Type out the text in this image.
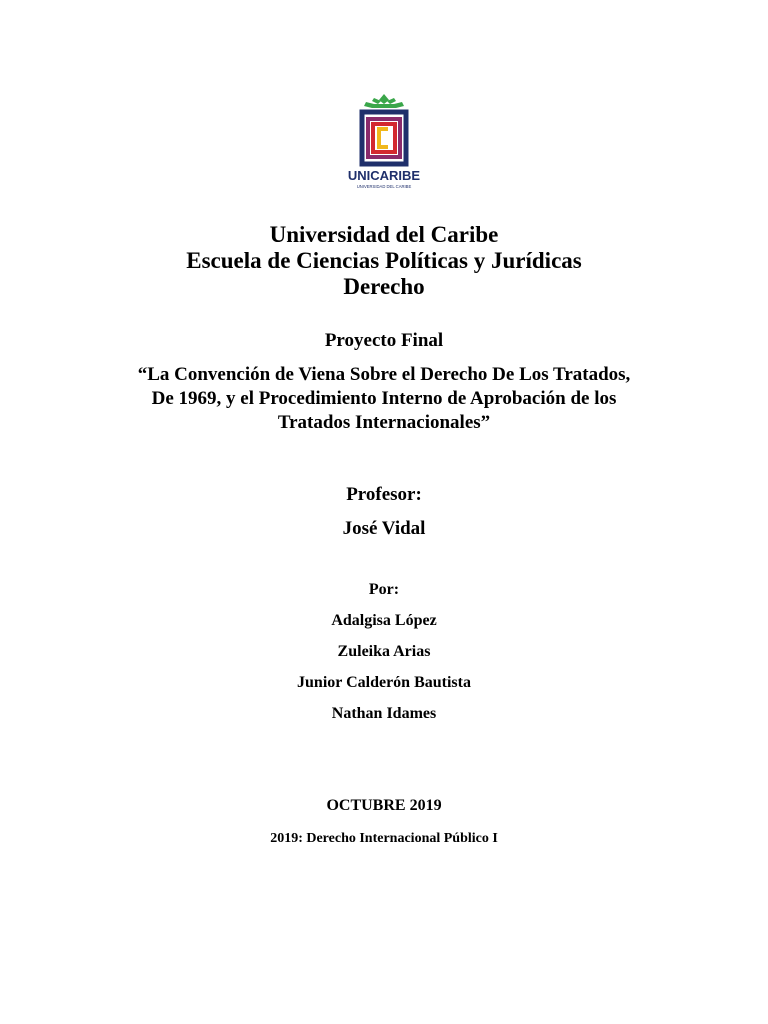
UNICARIBE
UNIVERSIDAD DEL CARIBE
Universidad del Caribe
Escuela de Ciencias Políticas y Jurídicas
Derecho
Proyecto Final
“La Convención de Viena Sobre el Derecho De Los Tratados,
De 1969, y el Procedimiento Interno de Aprobación de los
Tratados Internacionales”
Profesor:
José Vidal
Por:
Adalgisa López
Zuleika Arias
Junior Calderón Bautista
Nathan Idames
OCTUBRE 2019
2019: Derecho Internacional Público I
